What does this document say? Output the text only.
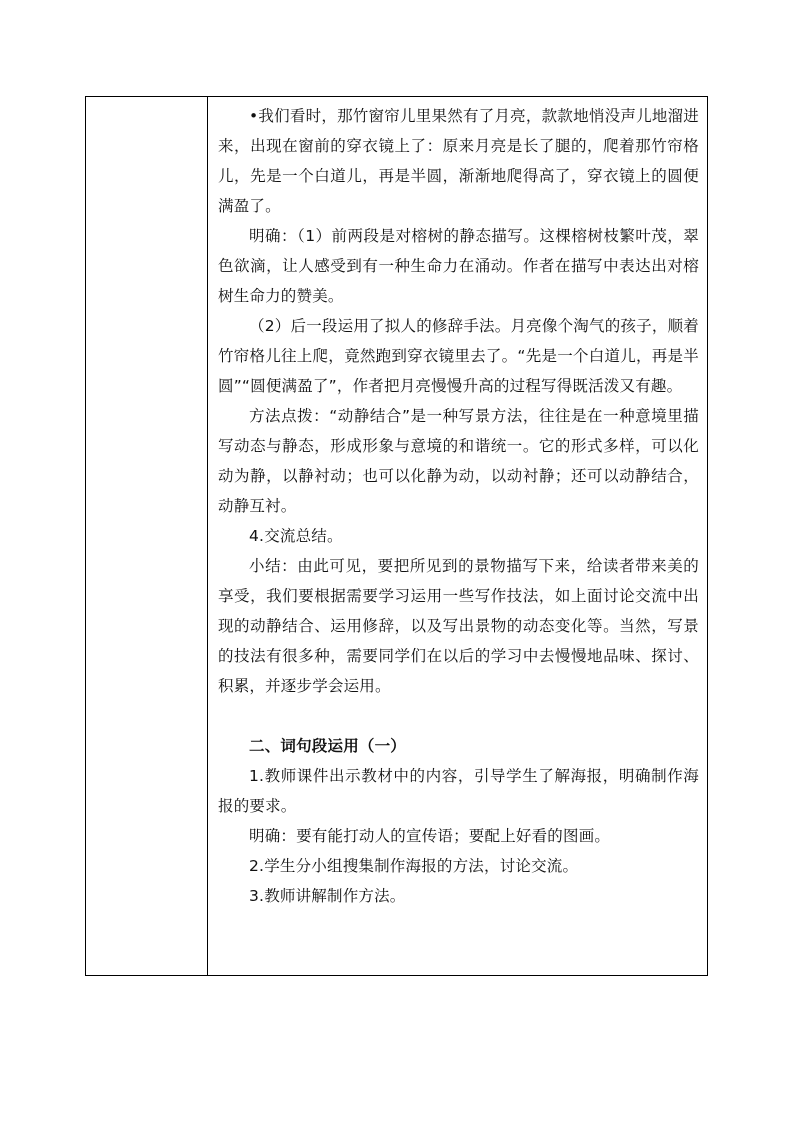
•我们看时，那竹窗帘儿里果然有了月亮，款款地悄没声儿地溜进来，出现在窗前的穿衣镜上了：原来月亮是长了腿的，爬着那竹帘格儿，先是一个白道儿，再是半圆，渐渐地爬得高了，穿衣镜上的圆便满盈了。

明确：（1）前两段是对榕树的静态描写。这棵榕树枝繁叶茂，翠色欲滴，让人感受到有一种生命力在涌动。作者在描写中表达出对榕树生命力的赞美。

（2）后一段运用了拟人的修辞手法。月亮像个淘气的孩子，顺着竹帘格儿往上爬，竟然跑到穿衣镜里去了。“先是一个白道儿，再是半圆”“圆便满盈了”，作者把月亮慢慢升高的过程写得既活泼又有趣。

方法点拨：“动静结合”是一种写景方法，往往是在一种意境里描写动态与静态，形成形象与意境的和谐统一。它的形式多样，可以化动为静，以静衬动；也可以化静为动，以动衬静；还可以动静结合，动静互衬。

4.交流总结。

小结：由此可见，要把所见到的景物描写下来，给读者带来美的享受，我们要根据需要学习运用一些写作技法，如上面讨论交流中出现的动静结合、运用修辞，以及写出景物的动态变化等。当然，写景的技法有很多种，需要同学们在以后的学习中去慢慢地品味、探讨、积累，并逐步学会运用。

二、词句段运用（一）

1.教师课件出示教材中的内容，引导学生了解海报，明确制作海报的要求。

明确：要有能打动人的宣传语；要配上好看的图画。

2.学生分小组搜集制作海报的方法，讨论交流。

3.教师讲解制作方法。
